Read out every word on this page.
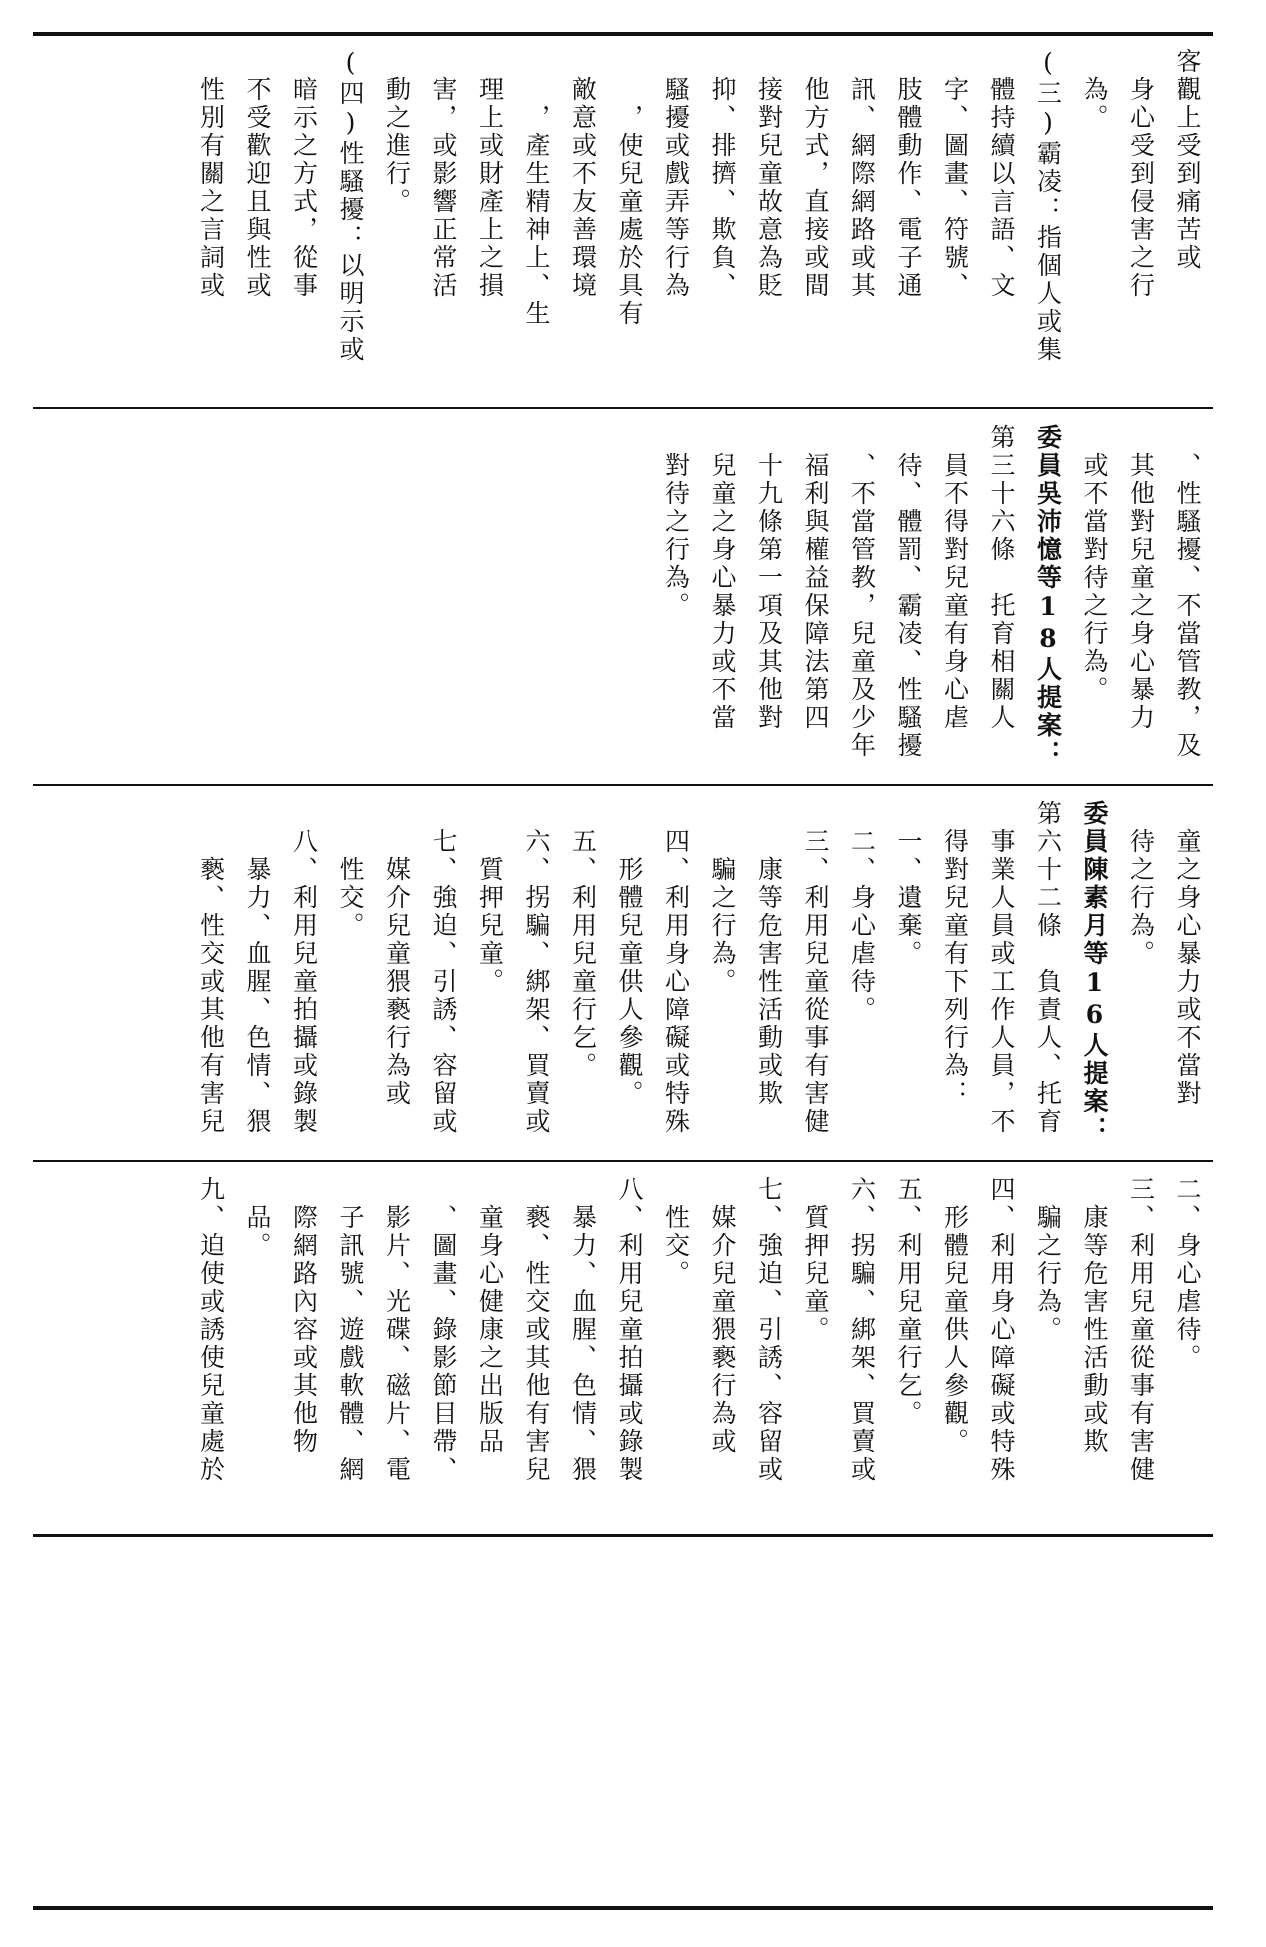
客觀上受到痛苦或

　身心受到侵害之行

　為。

(三)霸凌：指個人或集

　體持續以言語、文

　字、圖畫、符號、

　肢體動作、電子通

　訊、網際網路或其

　他方式，直接或間

　接對兒童故意為貶

　抑、排擠、欺負、

　騷擾或戲弄等行為

　　，使兒童處於具有

　敵意或不友善環境

　　，產生精神上、生

　理上或財產上之損

　害，或影響正常活

　動之進行。

(四)性騷擾：以明示或

　暗示之方式，從事

　不受歡迎且與性或

　性別有關之言詞或

　、性騷擾、不當管教，及

　其他對兒童之身心暴力

　或不當對待之行為。

委員吳沛憶等18人提案：

第三十六條　托育相關人

　員不得對兒童有身心虐

　待、體罰、霸凌、性騷擾

　、不當管教，兒童及少年

　福利與權益保障法第四

　十九條第一項及其他對

　兒童之身心暴力或不當

　對待之行為。

　童之身心暴力或不當對

　待之行為。

委員陳素月等16人提案：

第六十二條　負責人、托育

　事業人員或工作人員，不

　得對兒童有下列行為：

　一、遺棄。

　二、身心虐待。

　三、利用兒童從事有害健

　　康等危害性活動或欺

　　騙之行為。

　四、利用身心障礙或特殊

　　形體兒童供人參觀。

　五、利用兒童行乞。

　六、拐騙、綁架、買賣或

　　質押兒童。

　七、強迫、引誘、容留或

　　媒介兒童猥褻行為或

　　性交。

　八、利用兒童拍攝或錄製

　　暴力、血腥、色情、猥

　　褻、性交或其他有害兒

二、身心虐待。

三、利用兒童從事有害健

　康等危害性活動或欺

　騙之行為。

四、利用身心障礙或特殊

　形體兒童供人參觀。

五、利用兒童行乞。

六、拐騙、綁架、買賣或

　質押兒童。

七、強迫、引誘、容留或

　媒介兒童猥褻行為或

　性交。

八、利用兒童拍攝或錄製

　暴力、血腥、色情、猥

　褻、性交或其他有害兒

　童身心健康之出版品

　、圖畫、錄影節目帶、

　影片、光碟、磁片、電

　子訊號、遊戲軟體、網

　際網路內容或其他物

　品。

九、迫使或誘使兒童處於
